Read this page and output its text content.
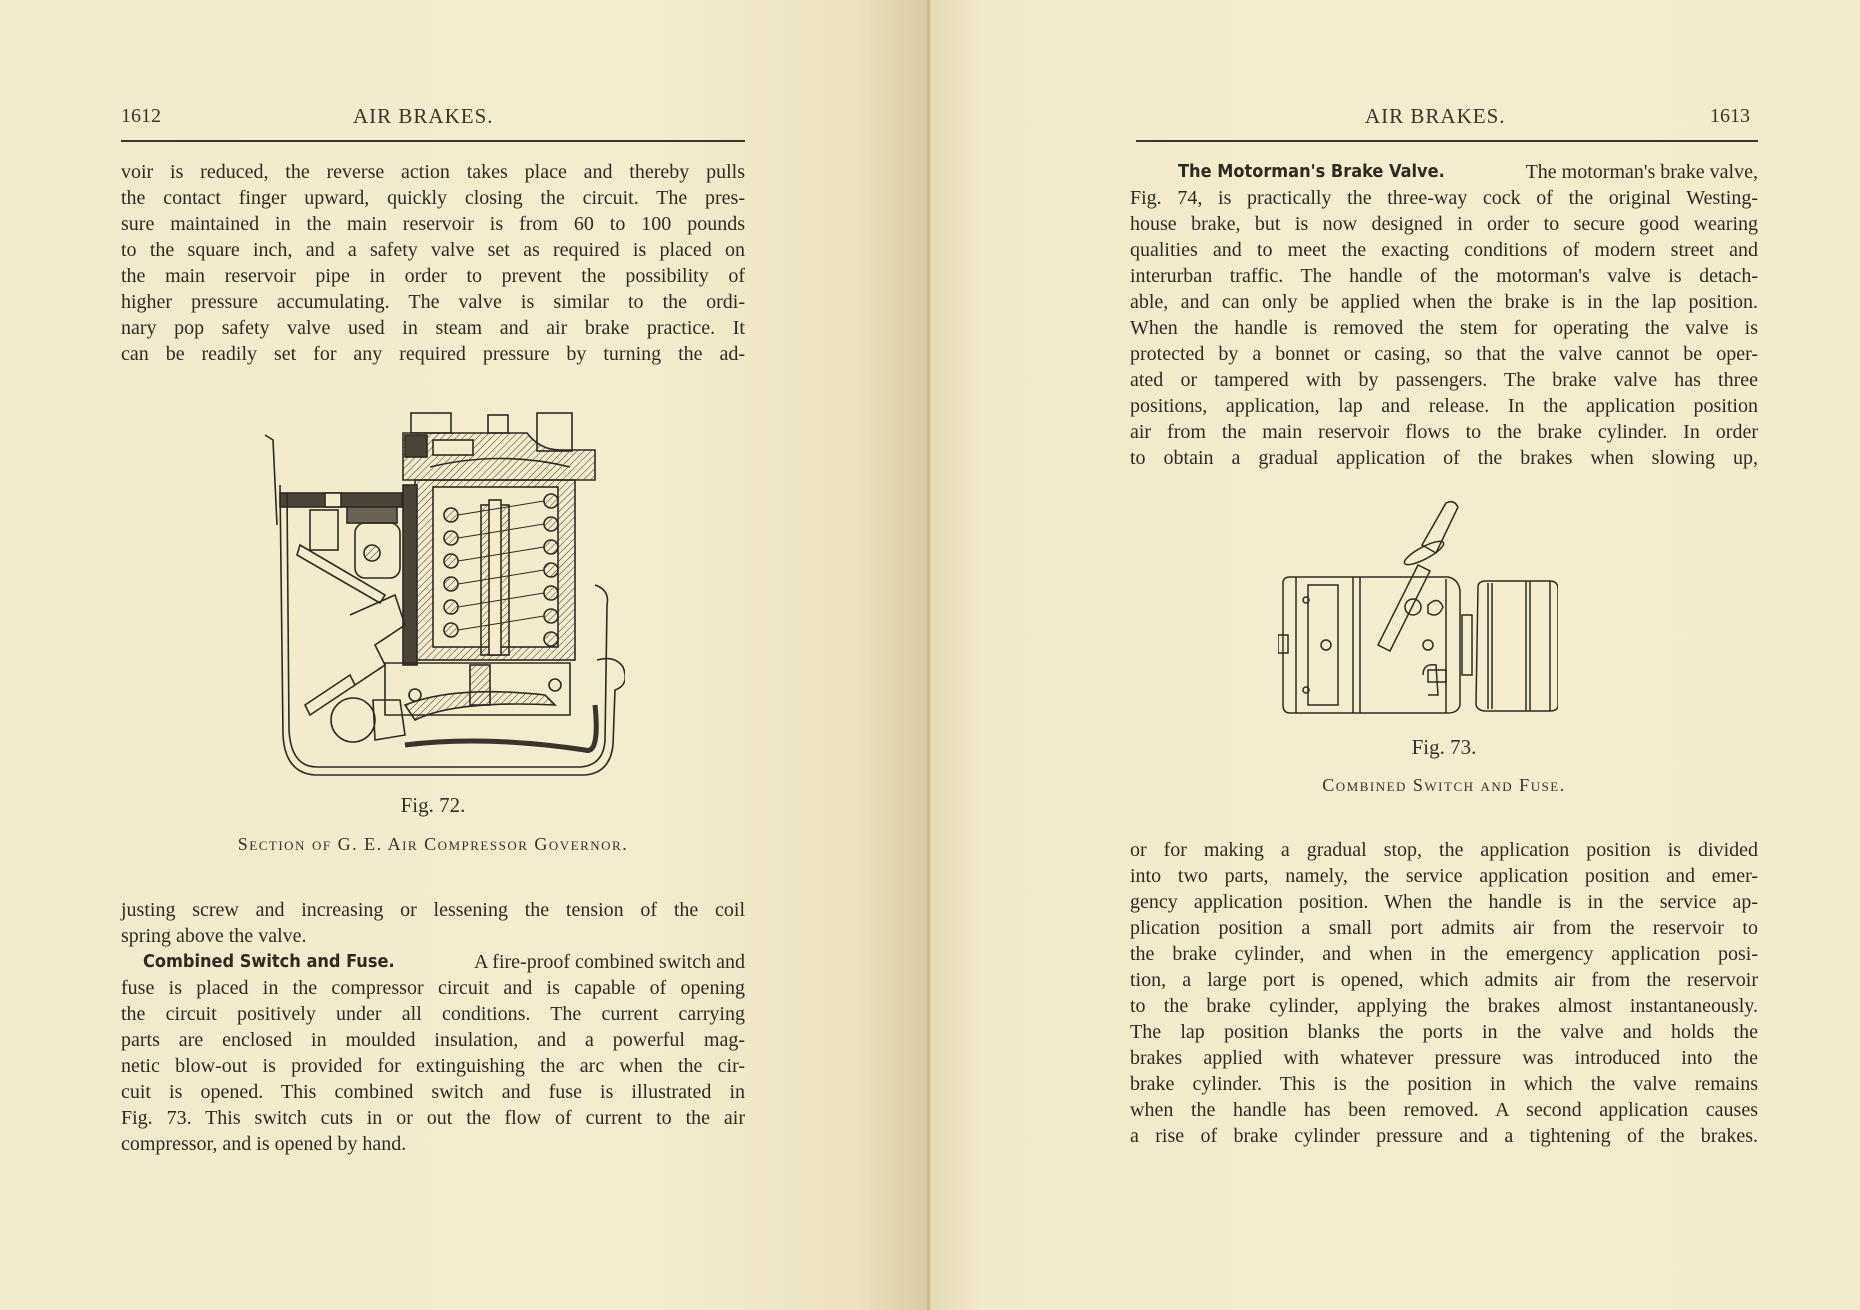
1612	AIR BRAKES.
voir is reduced, the reverse action takes place and thereby pulls
the contact finger upward, quickly closing the circuit. The pres-
sure maintained in the main reservoir is from 60 to 100 pounds
to the square inch, and a safety valve set as required is placed on
the main reservoir pipe in order to prevent the possibility of
higher pressure accumulating. The valve is similar to the ordi-
nary pop safety valve used in steam and air brake practice. It
can be readily set for any required pressure by turning the ad-
Fig. 72.
Section of G. E. Air Compressor Governor.
justing screw and increasing or lessening the tension of the coil
spring above the valve.
Combined Switch and Fuse.	A fire-proof combined switch and
fuse is placed in the compressor circuit and is capable of opening
the circuit positively under all conditions. The current carrying
parts are enclosed in moulded insulation, and a powerful mag-
netic blow-out is provided for extinguishing the arc when the cir-
cuit is opened. This combined switch and fuse is illustrated in
Fig. 73. This switch cuts in or out the flow of current to the air
compressor, and is opened by hand.
AIR BRAKES.	1613
The Motorman's Brake Valve.	The motorman's brake valve,
Fig. 74, is practically the three-way cock of the original Westing-
house brake, but is now designed in order to secure good wearing
qualities and to meet the exacting conditions of modern street and
interurban traffic. The handle of the motorman's valve is detach-
able, and can only be applied when the brake is in the lap position.
When the handle is removed the stem for operating the valve is
protected by a bonnet or casing, so that the valve cannot be oper-
ated or tampered with by passengers. The brake valve has three
positions, application, lap and release. In the application position
air from the main reservoir flows to the brake cylinder. In order
to obtain a gradual application of the brakes when slowing up,
Fig. 73.
Combined Switch and Fuse.
or for making a gradual stop, the application position is divided
into two parts, namely, the service application position and emer-
gency application position. When the handle is in the service ap-
plication position a small port admits air from the reservoir to
the brake cylinder, and when in the emergency application posi-
tion, a large port is opened, which admits air from the reservoir
to the brake cylinder, applying the brakes almost instantaneously.
The lap position blanks the ports in the valve and holds the
brakes applied with whatever pressure was introduced into the
brake cylinder. This is the position in which the valve remains
when the handle has been removed. A second application causes
a rise of brake cylinder pressure and a tightening of the brakes.
